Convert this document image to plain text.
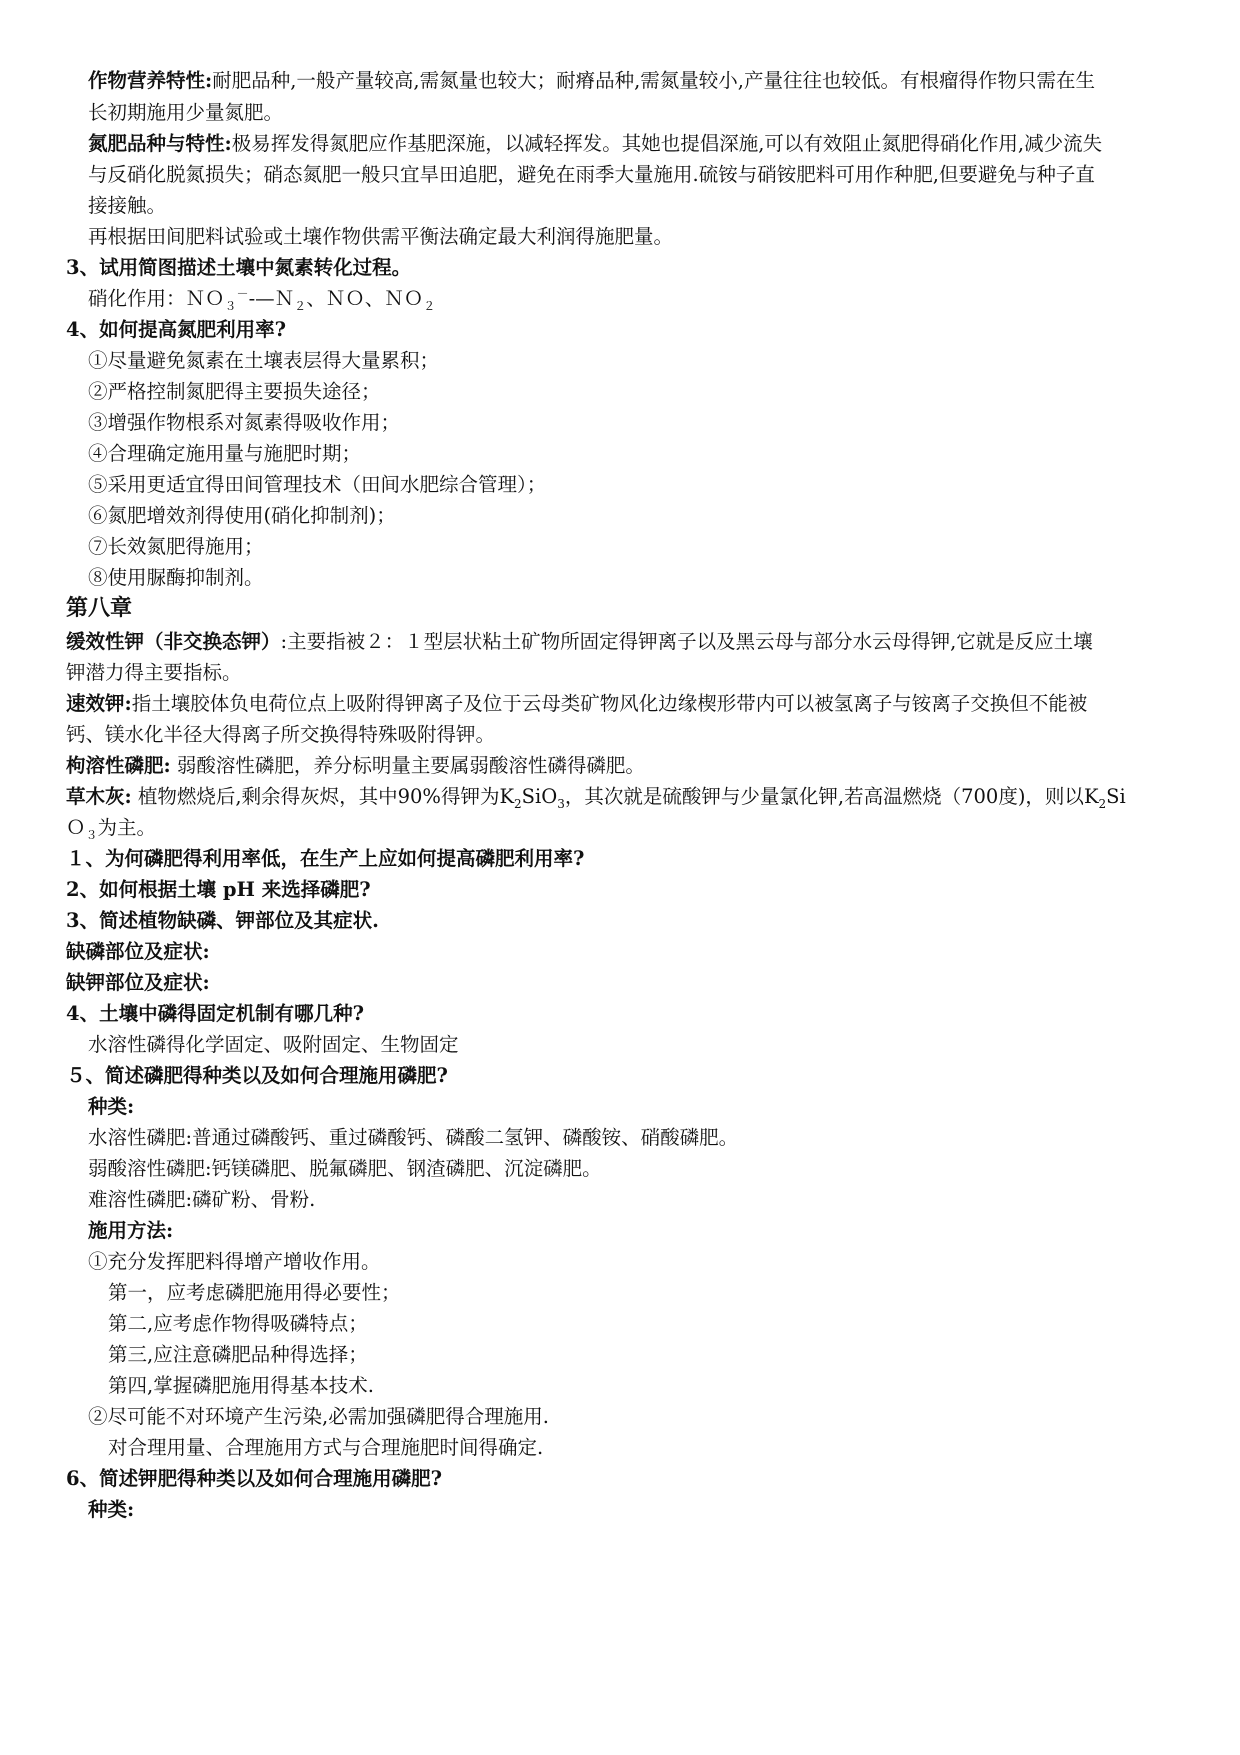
作物营养特性:耐肥品种,一般产量较高,需氮量也较大；耐瘠品种,需氮量较小,产量往往也较低。有根瘤得作物只需在生
长初期施用少量氮肥。
氮肥品种与特性:极易挥发得氮肥应作基肥深施，以减轻挥发。其她也提倡深施,可以有效阻止氮肥得硝化作用,减少流失
与反硝化脱氮损失；硝态氮肥一般只宜旱田追肥，避免在雨季大量施用.硫铵与硝铵肥料可用作种肥,但要避免与种子直
接接触。
再根据田间肥料试验或土壤作物供需平衡法确定最大利润得施肥量。
3、试用简图描述土壤中氮素转化过程。
硝化作用：ＮＯ$_3$－-—Ｎ$_2$、ＮＯ、ＮＯ$_2$
4、如何提高氮肥利用率?
①尽量避免氮素在土壤表层得大量累积；
②严格控制氮肥得主要损失途径；
③增强作物根系对氮素得吸收作用；
④合理确定施用量与施肥时期；
⑤采用更适宜得田间管理技术（田间水肥综合管理）；
⑥氮肥增效剂得使用(硝化抑制剂)；
⑦长效氮肥得施用；
⑧使用脲酶抑制剂。
第八章
缓效性钾（非交换态钾）:主要指被２：１型层状粘土矿物所固定得钾离子以及黑云母与部分水云母得钾,它就是反应土壤
钾潜力得主要指标。
速效钾:指土壤胶体负电荷位点上吸附得钾离子及位于云母类矿物风化边缘楔形带内可以被氢离子与铵离子交换但不能被
钙、镁水化半径大得离子所交换得特殊吸附得钾。
枸溶性磷肥: 弱酸溶性磷肥，养分标明量主要属弱酸溶性磷得磷肥。
草木灰: 植物燃烧后,剩余得灰烬，其中90%得钾为$K_2SiO_3$，其次就是硫酸钾与少量氯化钾,若高温燃烧（700度)，则以$K_2Si$
Ｏ$_3$为主。
１、为何磷肥得利用率低，在生产上应如何提高磷肥利用率?
2、如何根据土壤 pH 来选择磷肥?
3、简述植物缺磷、钾部位及其症状.
缺磷部位及症状:
缺钾部位及症状:
4、土壤中磷得固定机制有哪几种?
水溶性磷得化学固定、吸附固定、生物固定
５、简述磷肥得种类以及如何合理施用磷肥?
种类:
水溶性磷肥:普通过磷酸钙、重过磷酸钙、磷酸二氢钾、磷酸铵、硝酸磷肥。
弱酸溶性磷肥:钙镁磷肥、脱氟磷肥、钢渣磷肥、沉淀磷肥。
难溶性磷肥:磷矿粉、骨粉.
施用方法:
①充分发挥肥料得增产增收作用。
第一，应考虑磷肥施用得必要性；
第二,应考虑作物得吸磷特点；
第三,应注意磷肥品种得选择；
第四,掌握磷肥施用得基本技术.
②尽可能不对环境产生污染,必需加强磷肥得合理施用.
对合理用量、合理施用方式与合理施肥时间得确定.
6、简述钾肥得种类以及如何合理施用磷肥?
种类:
